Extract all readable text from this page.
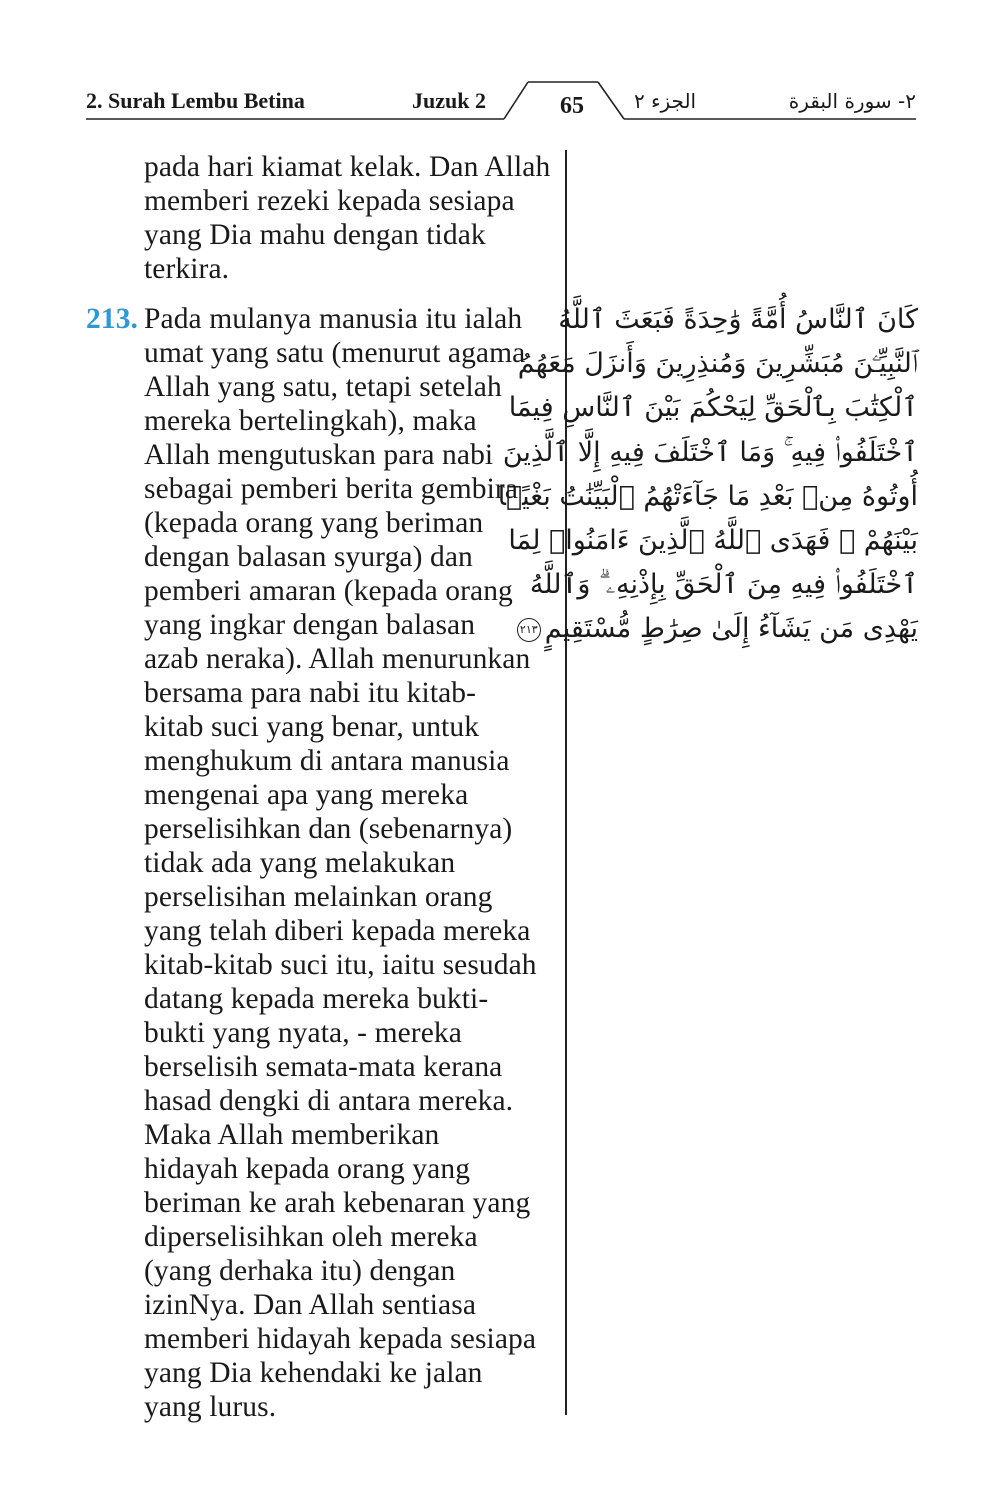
2. Surah Lembu Betina	Juzuk 2	65	الجزء ٢	٢- سورة البقرة
pada hari kiamat kelak. Dan Allah
memberi rezeki kepada sesiapa
yang Dia mahu dengan tidak
terkira.
213. Pada mulanya manusia itu ialah
umat yang satu (menurut agama
Allah yang satu, tetapi setelah
mereka bertelingkah), maka
Allah mengutuskan para nabi
sebagai pemberi berita gembira
(kepada orang yang beriman
dengan balasan syurga) dan
pemberi amaran (kepada orang
yang ingkar dengan balasan
azab neraka). Allah menurunkan
bersama para nabi itu kitab-
kitab suci yang benar, untuk
menghukum di antara manusia
mengenai apa yang mereka
perselisihkan dan (sebenarnya)
tidak ada yang melakukan
perselisihan melainkan orang
yang telah diberi kepada mereka
kitab-kitab suci itu, iaitu sesudah
datang kepada mereka bukti-
bukti yang nyata, - mereka
berselisih semata-mata kerana
hasad dengki di antara mereka.
Maka Allah memberikan
hidayah kepada orang yang
beriman ke arah kebenaran yang
diperselisihkan oleh mereka
(yang derhaka itu) dengan
izinNya. Dan Allah sentiasa
memberi hidayah kepada sesiapa
yang Dia kehendaki ke jalan
yang lurus.
كَانَ ٱلنَّاسُ أُمَّةً وَٰحِدَةً فَبَعَثَ ٱللَّهُ
ٱلنَّبِيِّـۧنَ مُبَشِّرِينَ وَمُنذِرِينَ وَأَنزَلَ مَعَهُمُ
ٱلْكِتَٰبَ بِٱلْحَقِّ لِيَحْكُمَ بَيْنَ ٱلنَّاسِ فِيمَا
ٱخْتَلَفُوا۟ فِيهِ ۚ وَمَا ٱخْتَلَفَ فِيهِ إِلَّا ٱلَّذِينَ
أُوتُوهُ مِنۢ بَعْدِ مَا جَآءَتْهُمُ ٱلْبَيِّنَٰتُ بَغْيًۢا
بَيْنَهُمْ ۖ فَهَدَى ٱللَّهُ ٱلَّذِينَ ءَامَنُوا۟ لِمَا
ٱخْتَلَفُوا۟ فِيهِ مِنَ ٱلْحَقِّ بِإِذْنِهِۦ ۗ وَٱللَّهُ
يَهْدِى مَن يَشَآءُ إِلَىٰ صِرَٰطٍ مُّسْتَقِيمٍ٢١٣
